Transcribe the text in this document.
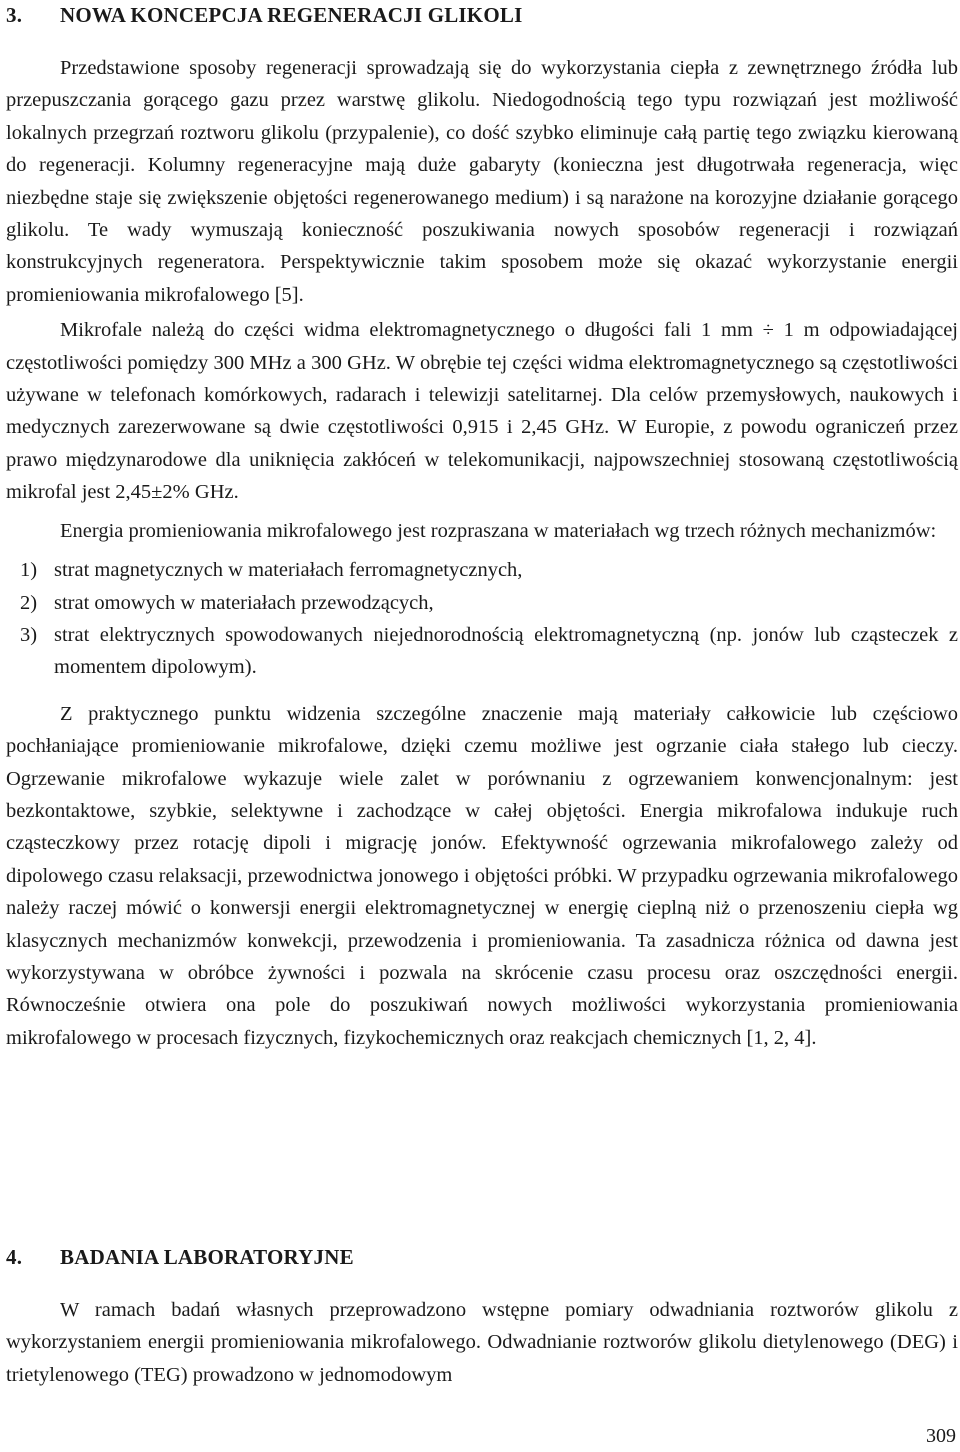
3. NOWA KONCEPCJA REGENERACJI GLIKOLI

Przedstawione sposoby regeneracji sprowadzają się do wykorzystania ciepła z zewnętrznego źródła lub przepuszczania gorącego gazu przez warstwę glikolu. Niedogodnością tego typu rozwiązań jest możliwość lokalnych przegrzań roztworu glikolu (przypalenie), co dość szybko eliminuje całą partię tego związku kierowaną do regeneracji. Kolumny regeneracyjne mają duże gabaryty (konieczna jest długotrwała regeneracja, więc niezbędne staje się zwiększenie objętości regenerowanego medium) i są narażone na korozyjne działanie gorącego glikolu. Te wady wymuszają konieczność poszukiwania nowych sposobów regeneracji i rozwiązań konstrukcyjnych regeneratora. Perspektywicznie takim sposobem może się okazać wykorzystanie energii promieniowania mikrofalowego [5].

Mikrofale należą do części widma elektromagnetycznego o długości fali 1 mm ÷ 1 m odpowiadającej częstotliwości pomiędzy 300 MHz a 300 GHz. W obrębie tej części widma elektromagnetycznego są częstotliwości używane w telefonach komórkowych, radarach i telewizji satelitarnej. Dla celów przemysłowych, naukowych i medycznych zarezerwowane są dwie częstotliwości 0,915 i 2,45 GHz. W Europie, z powodu ograniczeń przez prawo międzynarodowe dla uniknięcia zakłóceń w telekomunikacji, najpowszechniej stosowaną częstotliwością mikrofal jest 2,45±2% GHz.

Energia promieniowania mikrofalowego jest rozpraszana w materiałach wg trzech różnych mechanizmów:

1) strat magnetycznych w materiałach ferromagnetycznych,
2) strat omowych w materiałach przewodzących,
3) strat elektrycznych spowodowanych niejednorodnością elektromagnetyczną (np. jonów lub cząsteczek z momentem dipolowym).

Z praktycznego punktu widzenia szczególne znaczenie mają materiały całkowicie lub częściowo pochłaniające promieniowanie mikrofalowe, dzięki czemu możliwe jest ogrzanie ciała stałego lub cieczy. Ogrzewanie mikrofalowe wykazuje wiele zalet w porównaniu z ogrzewaniem konwencjonalnym: jest bezkontaktowe, szybkie, selektywne i zachodzące w całej objętości. Energia mikrofalowa indukuje ruch cząsteczkowy przez rotację dipoli i migrację jonów. Efektywność ogrzewania mikrofalowego zależy od dipolowego czasu relaksacji, przewodnictwa jonowego i objętości próbki. W przypadku ogrzewania mikrofalowego należy raczej mówić o konwersji energii elektromagnetycznej w energię cieplną niż o przenoszeniu ciepła wg klasycznych mechanizmów konwekcji, przewodzenia i promieniowania. Ta zasadnicza różnica od dawna jest wykorzystywana w obróbce żywności i pozwala na skrócenie czasu procesu oraz oszczędności energii. Równocześnie otwiera ona pole do poszukiwań nowych możliwości wykorzystania promieniowania mikrofalowego w procesach fizycznych, fizykochemicznych oraz reakcjach chemicznych [1, 2, 4].

4. BADANIA LABORATORYJNE

W ramach badań własnych przeprowadzono wstępne pomiary odwadniania roztworów glikolu z wykorzystaniem energii promieniowania mikrofalowego. Odwadnianie roztworów glikolu dietylenowego (DEG) i trietylenowego (TEG) prowadzono w jednomodowym

309
